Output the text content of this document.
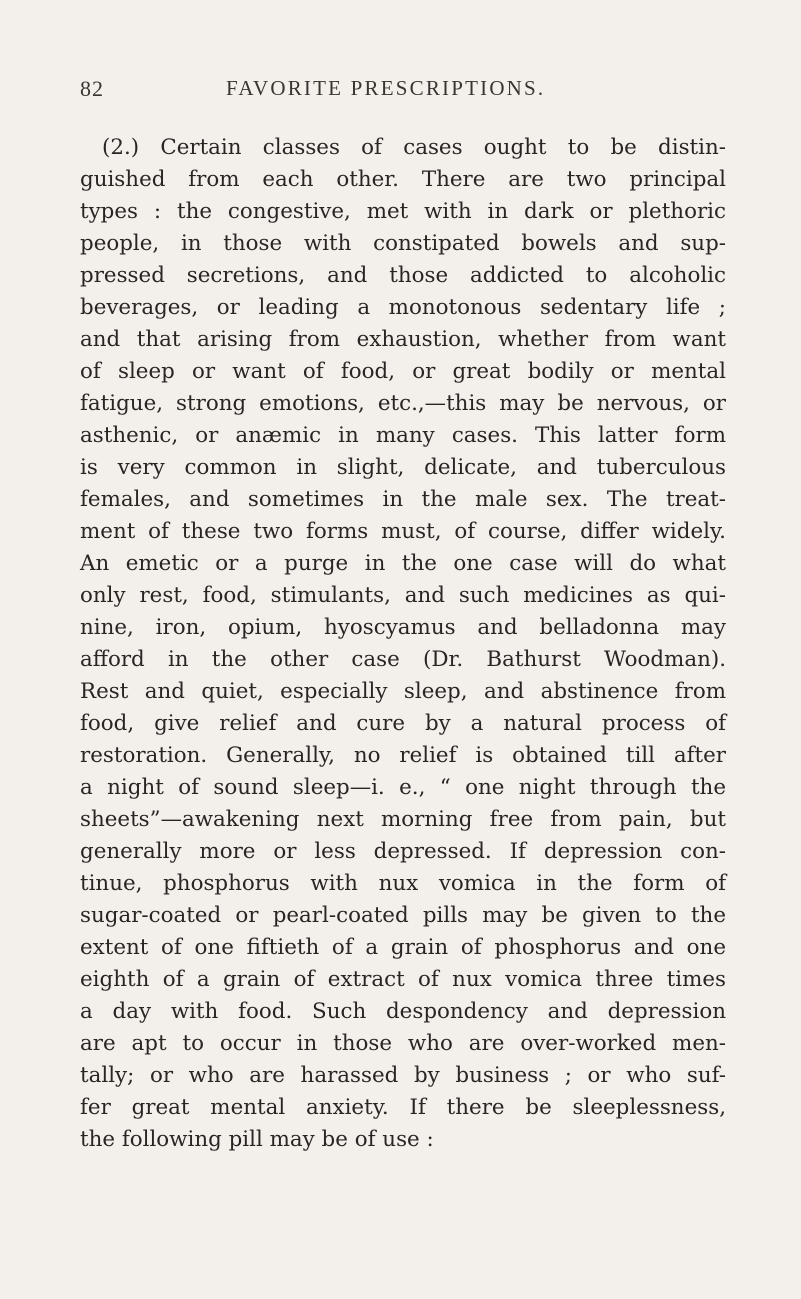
82	FAVORITE PRESCRIPTIONS.
(2.) Certain classes of cases ought to be distin-
guished from each other. There are two principal
types : the congestive, met with in dark or plethoric
people, in those with constipated bowels and sup-
pressed secretions, and those addicted to alcoholic
beverages, or leading a monotonous sedentary life ;
and that arising from exhaustion, whether from want
of sleep or want of food, or great bodily or mental
fatigue, strong emotions, etc.,—this may be nervous, or
asthenic, or anæmic in many cases. This latter form
is very common in slight, delicate, and tuberculous
females, and sometimes in the male sex. The treat-
ment of these two forms must, of course, differ widely.
An emetic or a purge in the one case will do what
only rest, food, stimulants, and such medicines as qui-
nine, iron, opium, hyoscyamus and belladonna may
afford in the other case (Dr. Bathurst Woodman).
Rest and quiet, especially sleep, and abstinence from
food, give relief and cure by a natural process of
restoration. Generally, no relief is obtained till after
a night of sound sleep—i. e., “ one night through the
sheets”—awakening next morning free from pain, but
generally more or less depressed. If depression con-
tinue, phosphorus with nux vomica in the form of
sugar-coated or pearl-coated pills may be given to the
extent of one fiftieth of a grain of phosphorus and one
eighth of a grain of extract of nux vomica three times
a day with food. Such despondency and depression
are apt to occur in those who are over-worked men-
tally; or who are harassed by business ; or who suf-
fer great mental anxiety. If there be sleeplessness,
the following pill may be of use :
